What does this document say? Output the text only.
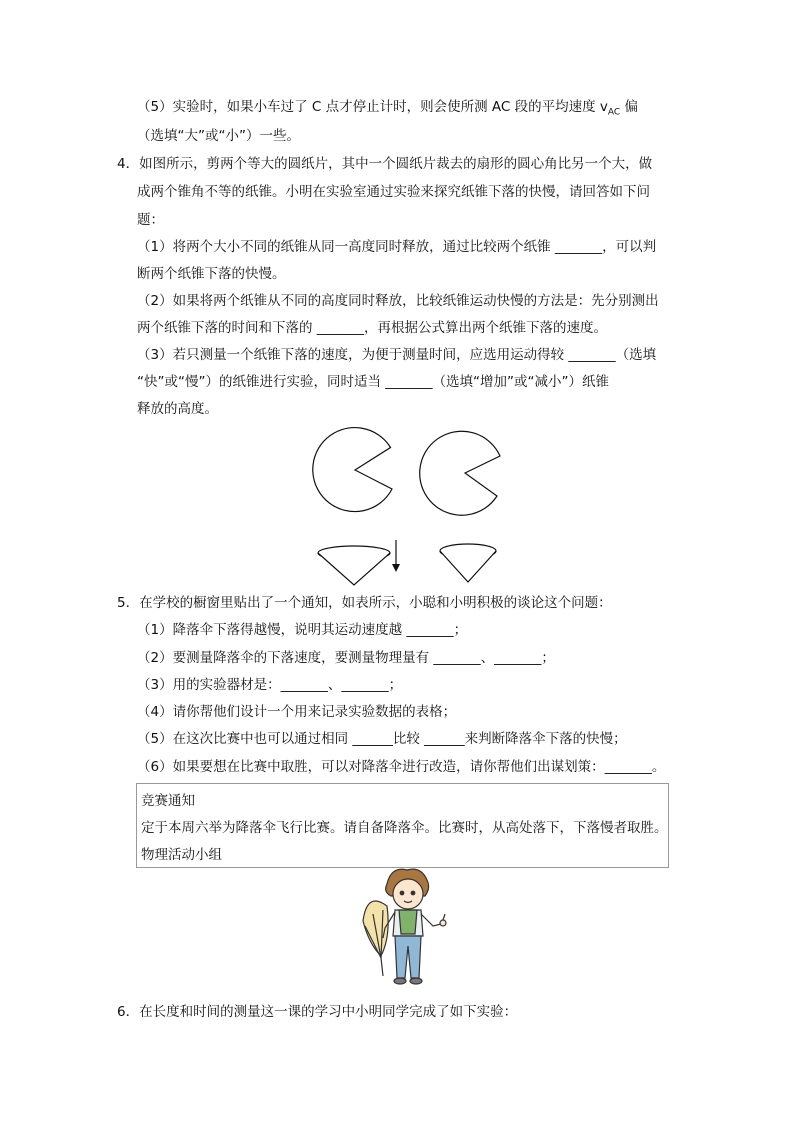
（5）实验时，如果小车过了 C 点才停止计时，则会使所测 AC 段的平均速度 $v_{AC}$ 偏
（选填“大”或“小”）一些。
4．如图所示，剪两个等大的圆纸片，其中一个圆纸片裁去的扇形的圆心角比另一个大，做
成两个锥角不等的纸锥。小明在实验室通过实验来探究纸锥下落的快慢，请回答如下问
题：
（1）将两个大小不同的纸锥从同一高度同时释放，通过比较两个纸锥 _______，可以判
断两个纸锥下落的快慢。
（2）如果将两个纸锥从不同的高度同时释放，比较纸锥运动快慢的方法是：先分别测出
两个纸锥下落的时间和下落的 _______，再根据公式算出两个纸锥下落的速度。
（3）若只测量一个纸锥下落的速度，为便于测量时间，应选用运动得较 _______（选填
“快”或“慢”）的纸锥进行实验，同时适当 _______（选填“增加”或“减小”）纸锥
释放的高度。
5．在学校的橱窗里贴出了一个通知，如表所示，小聪和小明积极的谈论这个问题：
（1）降落伞下落得越慢，说明其运动速度越 _______；
（2）要测量降落伞的下落速度，要测量物理量有 _______、_______；
（3）用的实验器材是：_______、_______；
（4）请你帮他们设计一个用来记录实验数据的表格；
（5）在这次比赛中也可以通过相同 ______比较 ______来判断降落伞下落的快慢；
（6）如果要想在比赛中取胜，可以对降落伞进行改造，请你帮他们出谋划策：_______。
竞赛通知
定于本周六举为降落伞飞行比赛。请自备降落伞。比赛时，从高处落下，下落慢者取胜。
物理活动小组
6．在长度和时间的测量这一课的学习中小明同学完成了如下实验：
